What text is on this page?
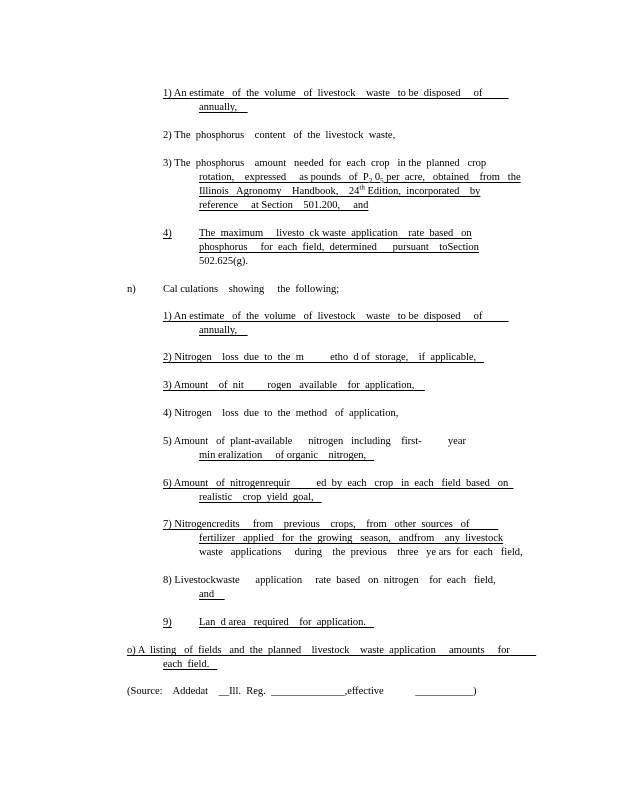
1) An estimate   of  the  volume   of  livestock    waste   to be  disposed     of
annually,
2) The  phosphorus    content   of  the  livestock  waste,
3) The  phosphorus    amount   needed  for  each  crop   in the  planned   crop
rotation,    expressed     as pounds   of  $P_2$ $0_5$ per  acre,   obtained    from   the
Illinois   Agronomy    Handbook,    24th Edition,  incorporated    by
reference     at Section    501.200,     and
4)	The  maximum     livesto  ck waste  application    rate  based   on
phosphorus     for  each  field,  determined      pursuant    toSection
502.625(g).
n)	Cal culations    showing     the  following;
1) An estimate   of  the  volume   of  livestock    waste   to be  disposed     of
annually,
2) Nitrogen    loss  due  to  the  m          etho  d of  storage,    if  applicable,
3) Amount    of  nit         rogen   available    for  application,
4) Nitrogen    loss  due  to  the  method   of  application,
5) Amount   of  plant-available      nitrogen   including    first-          year
min eralization     of organic    nitrogen,
6) Amount   of  nitrogenrequir          ed  by  each   crop   in  each   field  based   on
realistic    crop  yield  goal,
7) Nitrogencredits     from    previous    crops,    from   other  sources   of
fertilizer   applied   for  the  growing   season,   andfrom    any  livestock
waste   applications     during    the  previous    three   ye ars  for  each   field,
8) Livestockwaste      application     rate  based   on  nitrogen    for  each   field,
and
9)	Lan  d area   required    for  application.
o) A  listing   of  fields   and  the  planned    livestock    waste  application     amounts     for
each  field.
(Source:    Addedat    __Ill.  Reg.  ______________,effective            ___________)
